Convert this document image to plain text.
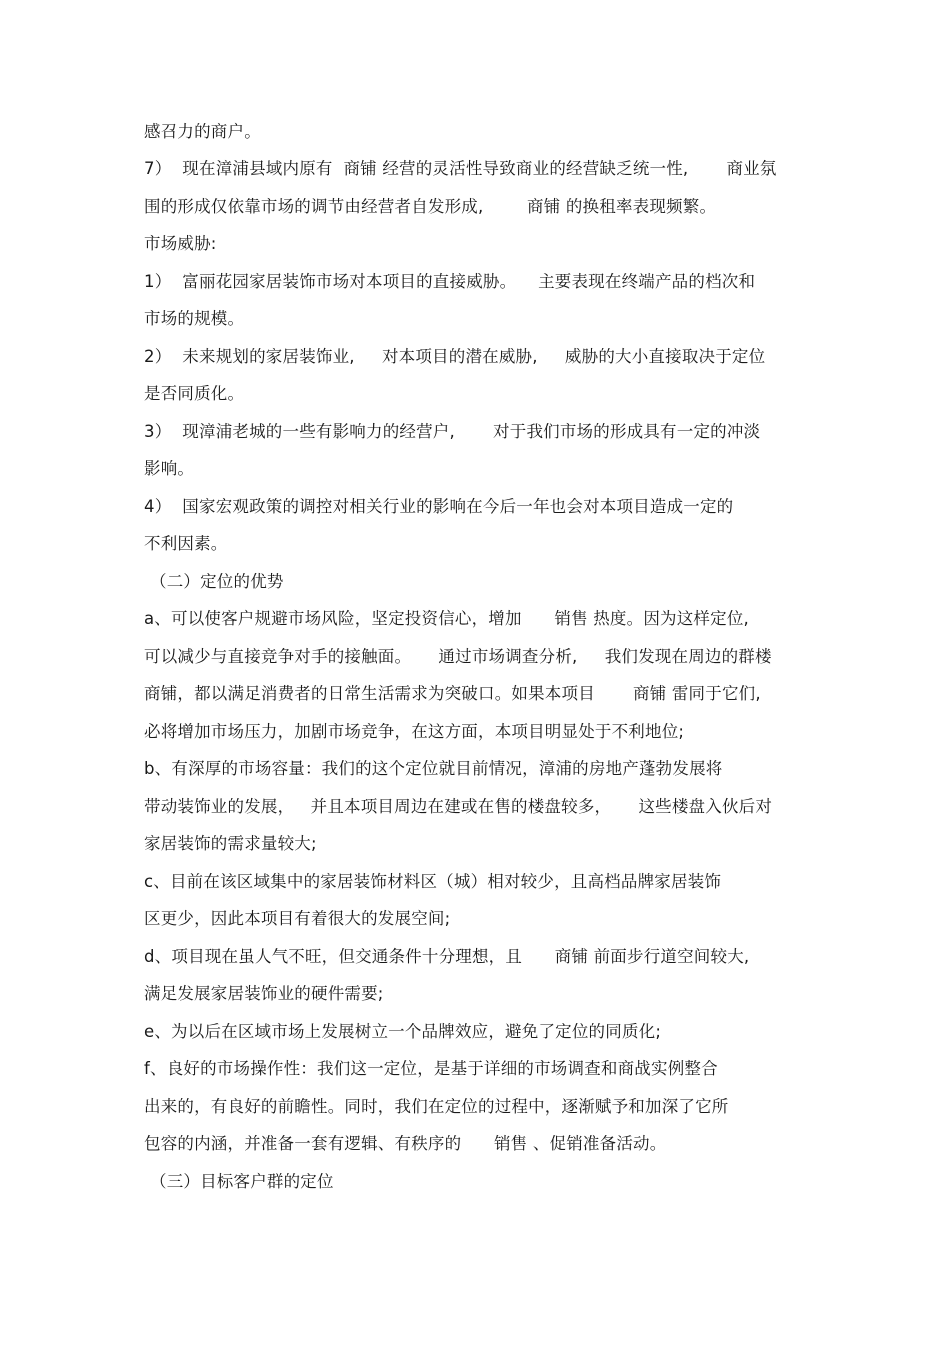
感召力的商户。
7）  现在漳浦县域内原有  商铺 经营的灵活性导致商业的经营缺乏统一性,       商业氛
围的形成仅依靠市场的调节由经营者自发形成,        商铺 的换租率表现频繁。
市场威胁:
1）  富丽花园家居装饰市场对本项目的直接威胁。    主要表现在终端产品的档次和
市场的规模。
2）  未来规划的家居装饰业,     对本项目的潜在威胁,     威胁的大小直接取决于定位
是否同质化。
3）  现漳浦老城的一些有影响力的经营户,       对于我们市场的形成具有一定的冲淡
影响。
4）  国家宏观政策的调控对相关行业的影响在今后一年也会对本项目造成一定的
不利因素。
（二）定位的优势
a、可以使客户规避市场风险，坚定投资信心，增加      销售 热度。因为这样定位,
可以减少与直接竞争对手的接触面。     通过市场调查分析,     我们发现在周边的群楼
商铺，都以满足消费者的日常生活需求为突破口。如果本项目       商铺 雷同于它们,
必将增加市场压力，加剧市场竞争，在这方面，本项目明显处于不利地位;
b、有深厚的市场容量：我们的这个定位就目前情况，漳浦的房地产蓬勃发展将
带动装饰业的发展，   并且本项目周边在建或在售的楼盘较多，     这些楼盘入伙后对
家居装饰的需求量较大;
c、目前在该区域集中的家居装饰材料区（城）相对较少，且高档品牌家居装饰
区更少，因此本项目有着很大的发展空间;
d、项目现在虽人气不旺，但交通条件十分理想，且      商铺 前面步行道空间较大,
满足发展家居装饰业的硬件需要;
e、为以后在区域市场上发展树立一个品牌效应，避免了定位的同质化;
f、良好的市场操作性：我们这一定位，是基于详细的市场调查和商战实例整合
出来的，有良好的前瞻性。同时，我们在定位的过程中，逐渐赋予和加深了它所
包容的内涵，并准备一套有逻辑、有秩序的      销售 、促销准备活动。
（三）目标客户群的定位
